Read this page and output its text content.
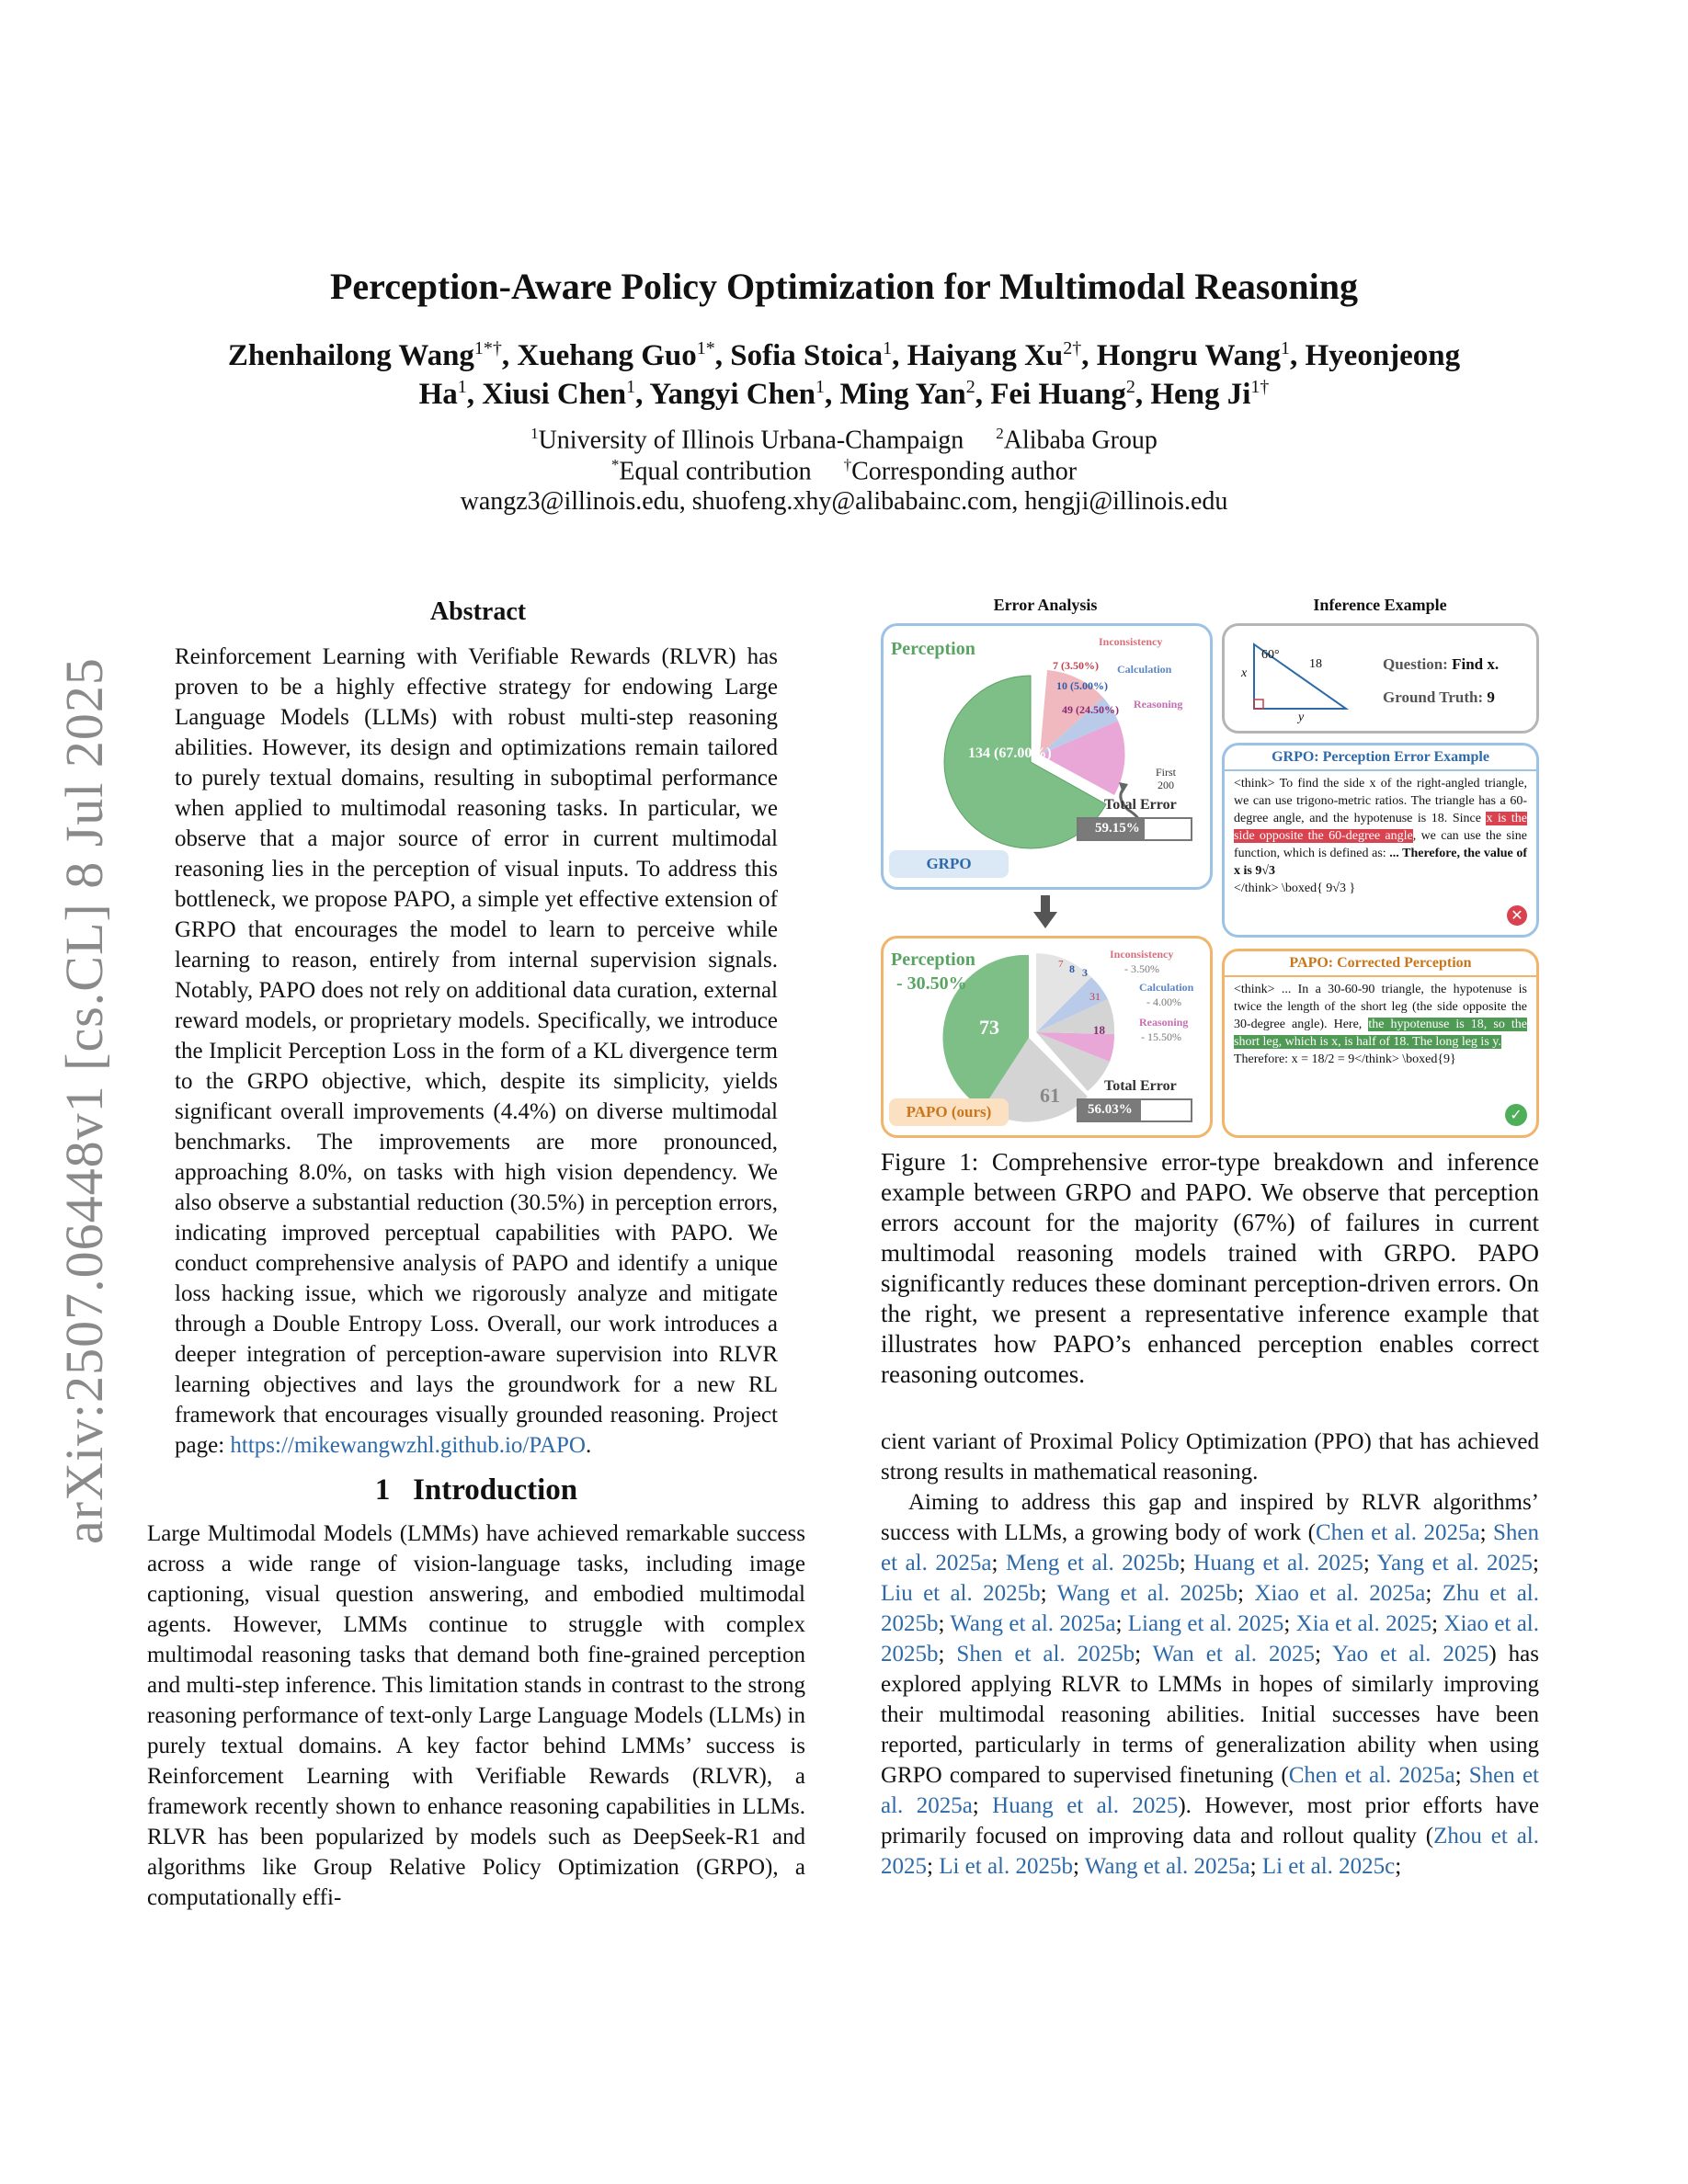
arXiv:2507.06448v1 [cs.CL] 8 Jul 2025
Perception-Aware Policy Optimization for Multimodal Reasoning
Zhenhailong Wang$^{1*\dagger}$, Xuehang Guo$^{1*}$, Sofia Stoica$^1$, Haiyang $Xu^{2\dagger}$, Hongru Wang$^1$, Hyeonjeong
Ha$^1$, Xiusi Chen$^1$, Yangyi Chen$^1$, Ming Yan$^2$, Fei Huang$^2$, Heng $Ji^{1\dagger}$
$^1$University of Illinois Urbana-Champaign $^2$Alibaba Group
*Equal contribution †Corresponding author
wangz3@illinois.edu, shuofeng.xhy@alibabainc.com, hengji@illinois.edu
Abstract

Reinforcement Learning with Verifiable Rewards (RLVR) has proven to be a highly effective strategy for endowing Large Language Models (LLMs) with robust multi-step reasoning abilities. However, its design and optimizations remain tailored to purely textual domains, resulting in suboptimal performance when applied to multimodal reasoning tasks. In particular, we observe that a major source of error in current multimodal reasoning lies in the perception of visual inputs. To address this bottleneck, we propose PAPO, a simple yet effective extension of GRPO that encourages the model to learn to perceive while learning to reason, entirely from internal supervision signals. Notably, PAPO does not rely on additional data curation, external reward models, or proprietary models. Specifically, we introduce the Implicit Perception Loss in the form of a KL divergence term to the GRPO objective, which, despite its simplicity, yields significant overall improvements (4.4%) on diverse multimodal benchmarks. The improvements are more pronounced, approaching 8.0%, on tasks with high vision dependency. We also observe a substantial reduction (30.5%) in perception errors, indicating improved perceptual capabilities with PAPO. We conduct comprehensive analysis of PAPO and identify a unique loss hacking issue, which we rigorously analyze and mitigate through a Double Entropy Loss. Overall, our work introduces a deeper integration of perception-aware supervision into RLVR learning objectives and lays the groundwork for a new RL framework that encourages visually grounded reasoning. Project page: https://mikewangwzhl.github.io/PAPO.

1 Introduction

Large Multimodal Models (LMMs) have achieved remarkable success across a wide range of vision-language tasks, including image captioning, visual question answering, and embodied multimodal agents. However, LMMs continue to struggle with complex multimodal reasoning tasks that demand both fine-grained perception and multi-step inference. This limitation stands in contrast to the strong reasoning performance of text-only Large Language Models (LLMs) in purely textual domains. A key factor behind LMMs’ success is Reinforcement Learning with Verifiable Rewards (RLVR), a framework recently shown to enhance reasoning capabilities in LLMs. RLVR has been popularized by models such as DeepSeek-R1 and algorithms like Group Relative Policy Optimization (GRPO), a computationally effi-

cient variant of Proximal Policy Optimization (PPO) that has achieved strong results in mathematical reasoning.

Aiming to address this gap and inspired by RLVR algorithms’ success with LLMs, a growing body of work (Chen et al. 2025a; Shen et al. 2025a; Meng et al. 2025b; Huang et al. 2025; Yang et al. 2025; Liu et al. 2025b; Wang et al. 2025b; Xiao et al. 2025a; Zhu et al. 2025b; Wang et al. 2025a; Liang et al. 2025; Xia et al. 2025; Xiao et al. 2025b; Shen et al. 2025b; Wan et al. 2025; Yao et al. 2025) has explored applying RLVR to LMMs in hopes of similarly improving their multimodal reasoning abilities. Initial successes have been reported, particularly in terms of generalization ability when using GRPO compared to supervised finetuning (Chen et al. 2025a; Shen et al. 2025a; Huang et al. 2025). However, most prior efforts have primarily focused on improving data and rollout quality (Zhou et al. 2025; Li et al. 2025b; Wang et al. 2025a; Li et al. 2025c;

Error Analysis	Inference Example
Perception
134 (67.00%)
Inconsistency
7 (3.50%) Calculation
10 (5.00%)
Reasoning
49 (24.50%)
First
200
Total Error
59.15%
GRPO
Perception
- 30.50%
73
61
7 8 3
31
18
Inconsistency
- 3.50%
Calculation
- 4.00%
Reasoning
- 15.50%
Total Error
56.03%
PAPO (ours)
60°
18
x
y
Question: Find x.
Ground Truth: 9
GRPO: Perception Error Example
<think> To find the side x of the right-angled triangle, we can use trigono-metric ratios. The triangle has a 60-degree angle, and the hypotenuse is 18. Since x is the side opposite the 60-degree angle, we can use the sine function, which is defined as: ... Therefore, the value of x is 9√3
</think> \boxed{ 9√3 }
✕
PAPO: Corrected Perception
<think> ... In a 30-60-90 triangle, the hypotenuse is twice the length of the short leg (the side opposite the 30-degree angle). Here, the hypotenuse is 18, so the short leg, which is x, is half of 18. The long leg is y.
Therefore: x = 18/2 = 9</think> \boxed{9}
✓
Figure 1: Comprehensive error-type breakdown and inference example between GRPO and PAPO. We observe that perception errors account for the majority (67%) of failures in current multimodal reasoning models trained with GRPO. PAPO significantly reduces these dominant perception-driven errors. On the right, we present a representative inference example that illustrates how PAPO’s enhanced perception enables correct reasoning outcomes.
